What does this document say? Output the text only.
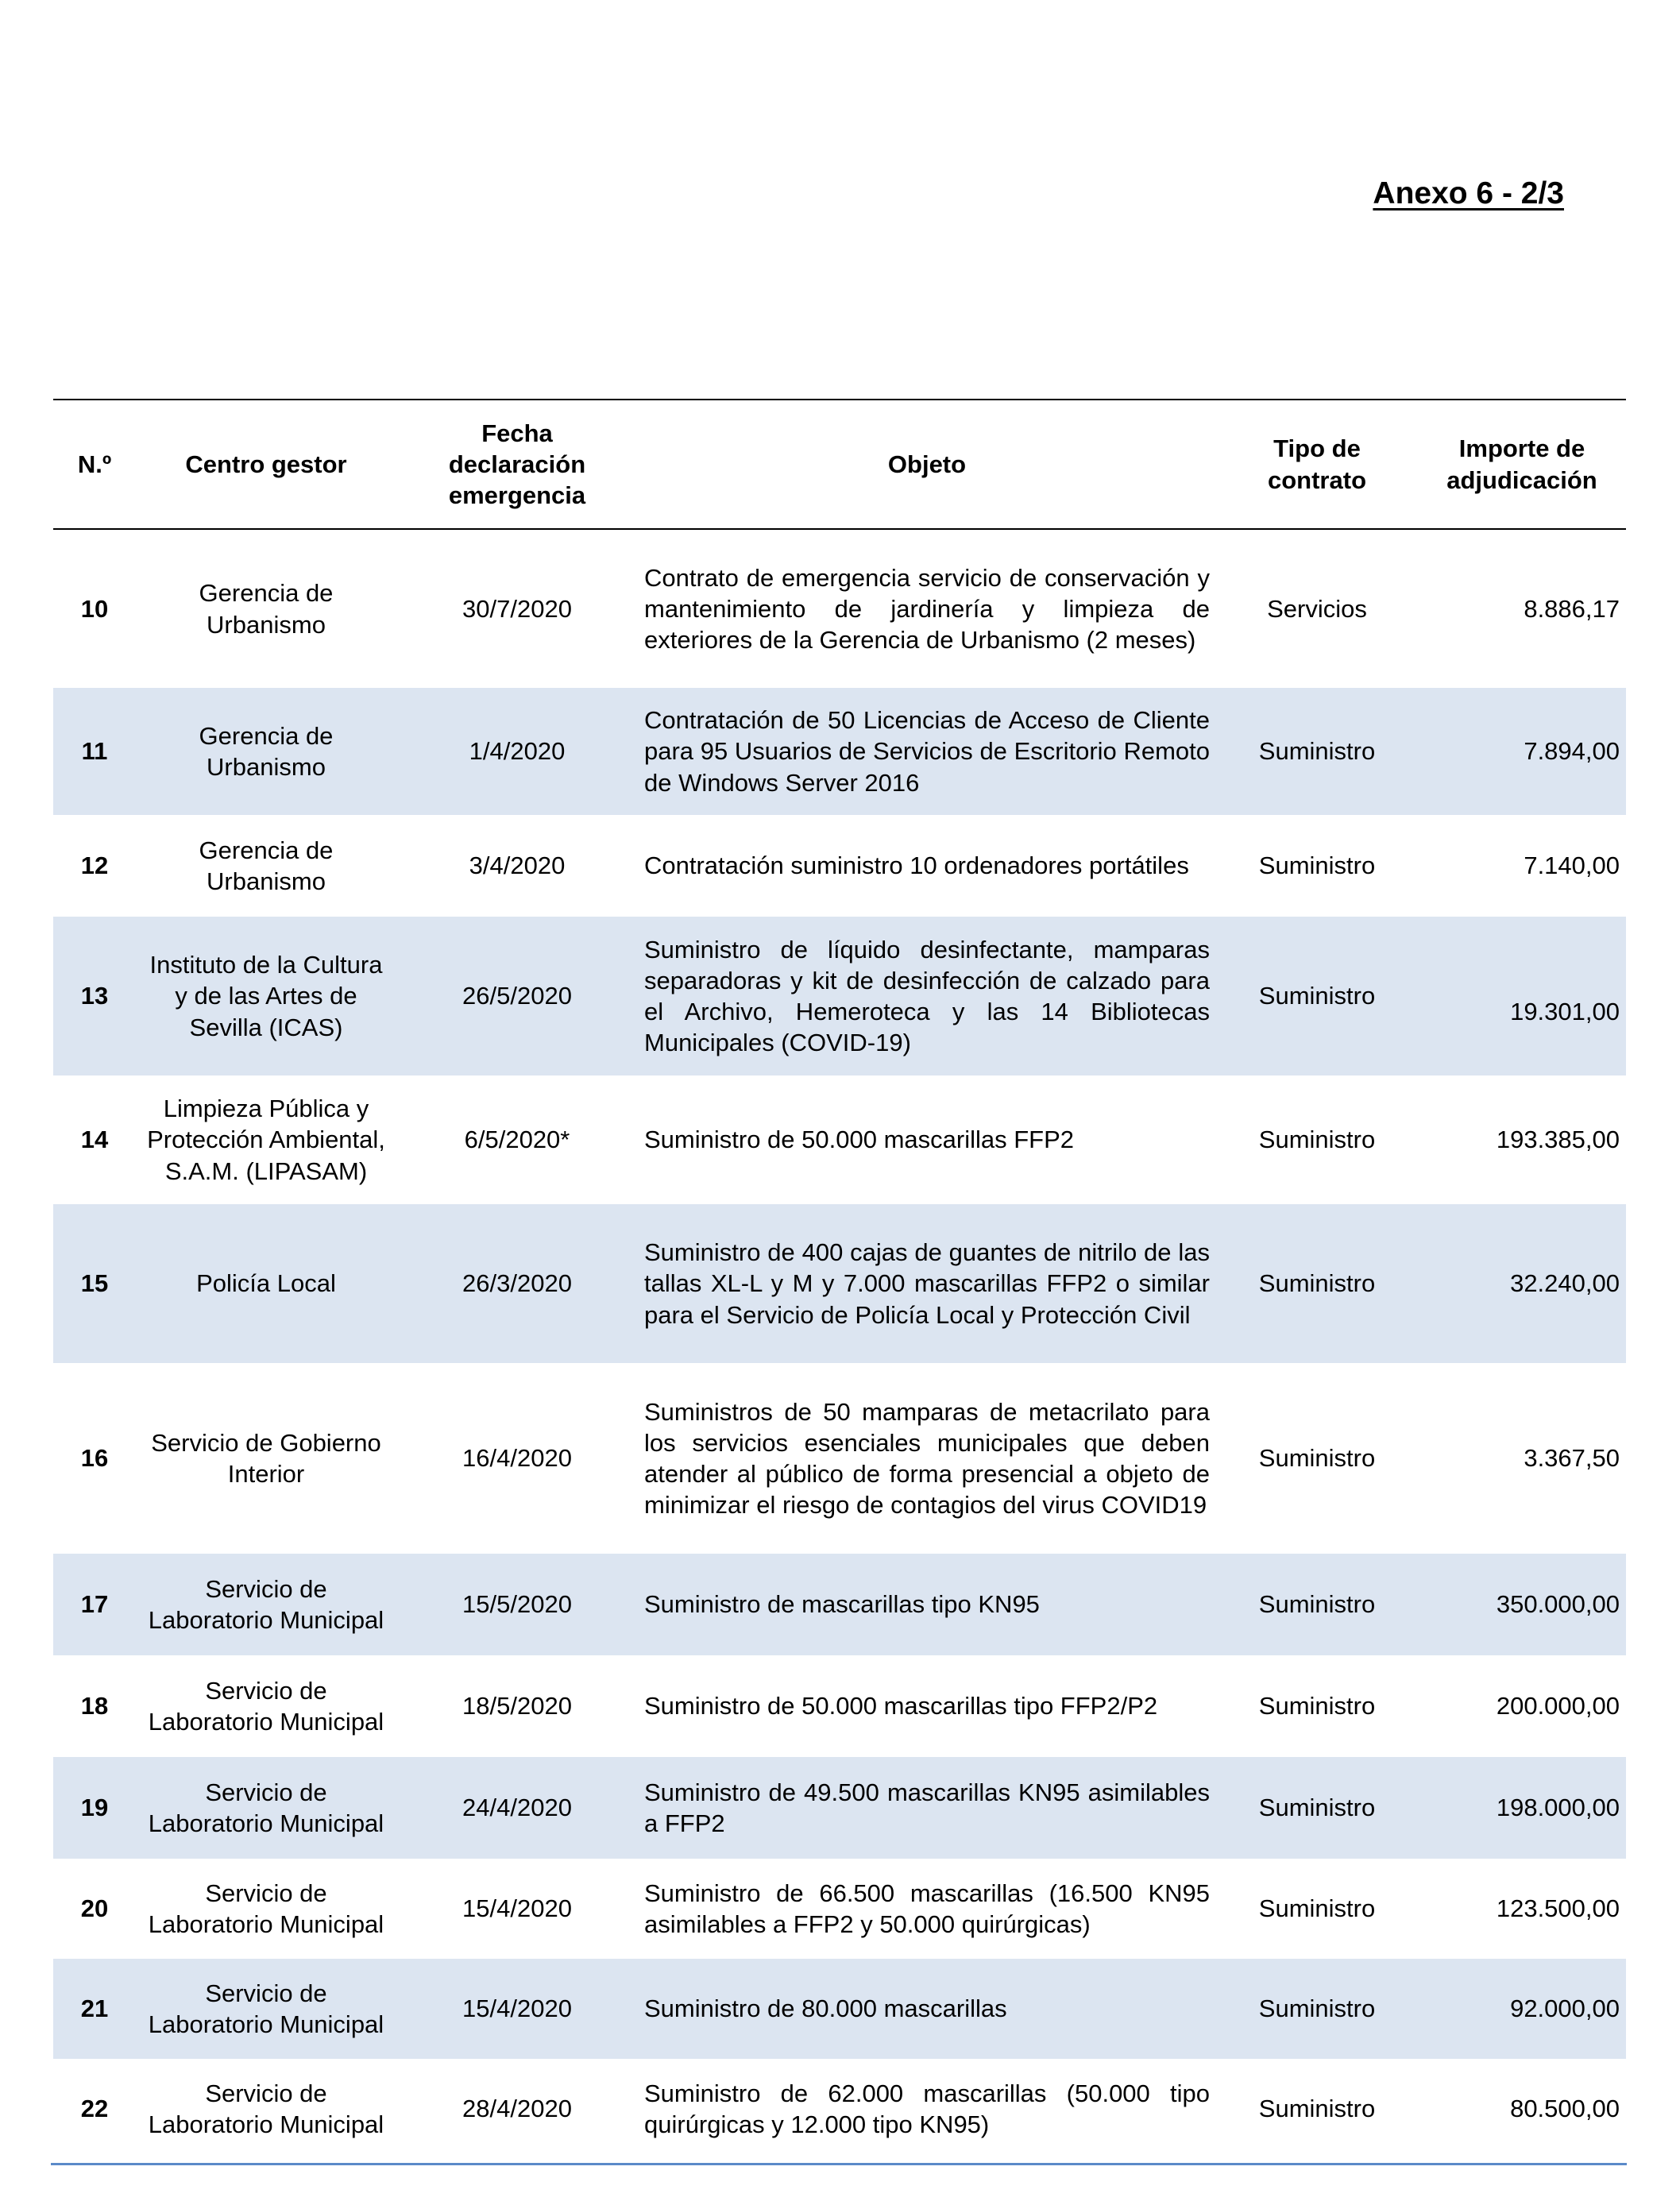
Anexo 6 - 2/3
N.º	Centro gestor	Fecha declaración emergencia	Objeto	Tipo de contrato	Importe de
adjudicación
10	Gerencia de Urbanismo	30/7/2020	Contrato de emergencia servicio de conservación y mantenimiento de jardinería y limpieza de exteriores de la Gerencia de Urbanismo (2 meses)	Servicios	8.886,17
11	Gerencia de Urbanismo	1/4/2020	Contratación de 50 Licencias de Acceso de Cliente para 95 Usuarios de Servicios de Escritorio Remoto de Windows Server 2016	Suministro	7.894,00
12	Gerencia de Urbanismo	3/4/2020	Contratación suministro 10 ordenadores portátiles	Suministro	7.140,00
13	Instituto de la Cultura y de las Artes de Sevilla (ICAS)	26/5/2020	Suministro de líquido desinfectante, mamparas separadoras y kit de desinfección de calzado para el Archivo, Hemeroteca y las 14 Bibliotecas Municipales (COVID-19)	Suministro	19.301,00
14	Limpieza Pública y Protección Ambiental, S.A.M. (LIPASAM)	6/5/2020*	Suministro de 50.000 mascarillas FFP2	Suministro	193.385,00
15	Policía Local	26/3/2020	Suministro de 400 cajas de guantes de nitrilo de las tallas XL-L y M y 7.000 mascarillas FFP2 o similar para el Servicio de Policía Local y Protección Civil	Suministro	32.240,00
16	Servicio de Gobierno Interior	16/4/2020	Suministros de 50 mamparas de metacrilato para los servicios esenciales municipales que deben atender al público de forma presencial a objeto de minimizar el riesgo de contagios del virus COVID19	Suministro	3.367,50
17	Servicio de Laboratorio Municipal	15/5/2020	Suministro de mascarillas tipo KN95	Suministro	350.000,00
18	Servicio de Laboratorio Municipal	18/5/2020	Suministro de 50.000 mascarillas tipo FFP2/P2	Suministro	200.000,00
19	Servicio de Laboratorio Municipal	24/4/2020	Suministro de 49.500 mascarillas KN95 asimilables a FFP2	Suministro	198.000,00
20	Servicio de Laboratorio Municipal	15/4/2020	Suministro de 66.500 mascarillas (16.500 KN95 asimilables a FFP2 y 50.000 quirúrgicas)	Suministro	123.500,00
21	Servicio de Laboratorio Municipal	15/4/2020	Suministro de 80.000 mascarillas	Suministro	92.000,00
22	Servicio de Laboratorio Municipal	28/4/2020	Suministro de 62.000 mascarillas (50.000 tipo quirúrgicas y 12.000 tipo KN95)	Suministro	80.500,00
